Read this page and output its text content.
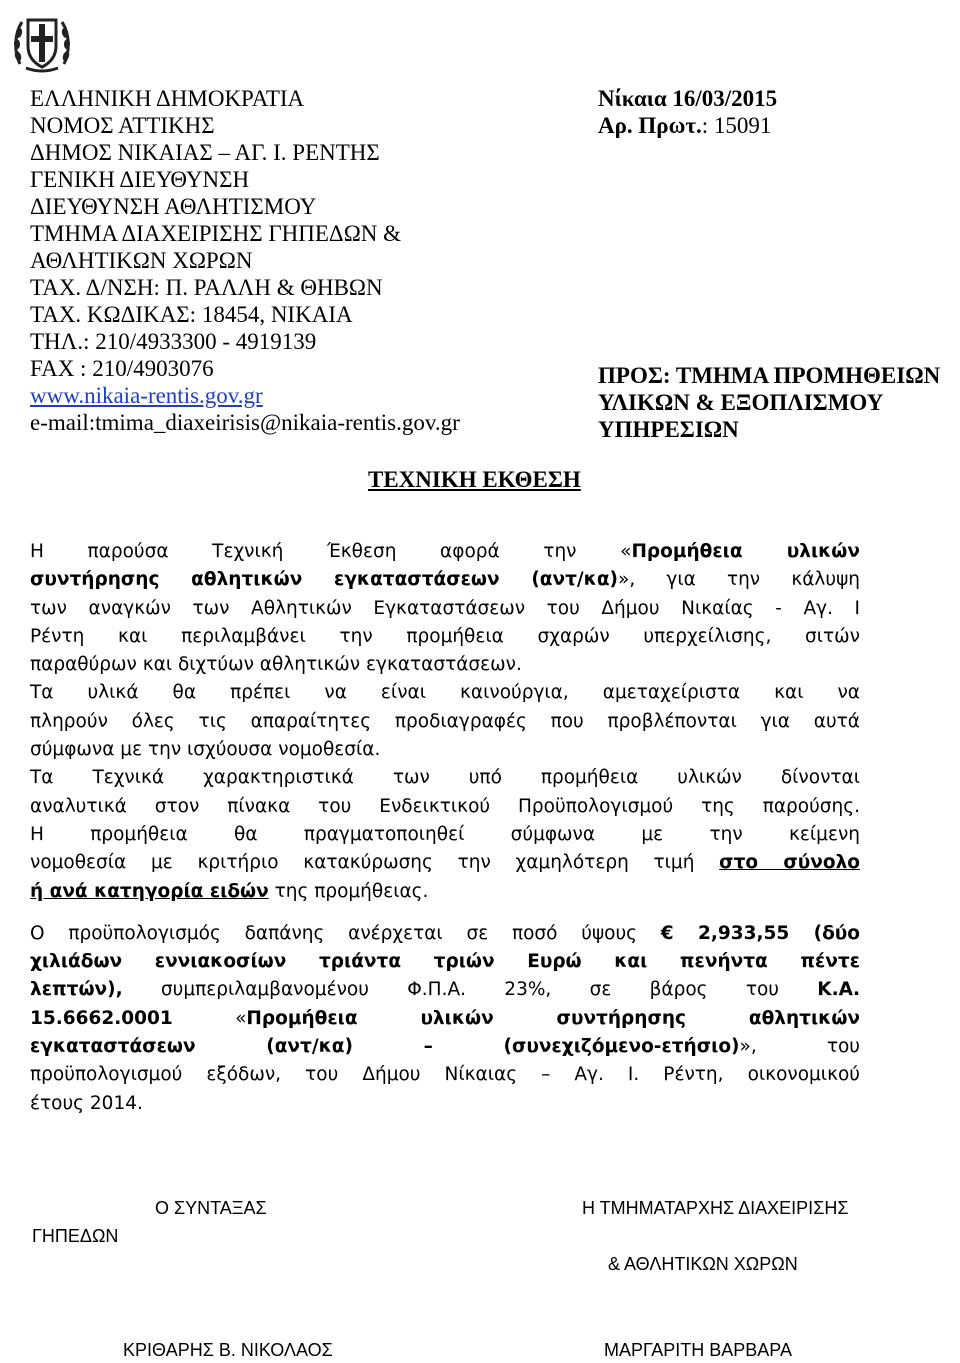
ΕΛΛΗΝΙΚΗ ΔΗΜΟΚΡΑΤΙΑ
ΝΟΜΟΣ ΑΤΤΙΚΗΣ
ΔΗΜΟΣ ΝΙΚΑΙΑΣ – ΑΓ. Ι. ΡΕΝΤΗΣ
ΓΕΝΙΚΗ ΔΙΕΥΘΥΝΣΗ
ΔΙΕΥΘΥΝΣΗ ΑΘΛΗΤΙΣΜΟΥ
ΤΜΗΜΑ ΔΙΑΧΕΙΡΙΣΗΣ ΓΗΠΕΔΩΝ &
ΑΘΛΗΤΙΚΩΝ ΧΩΡΩΝ
ΤΑΧ. Δ/ΝΣΗ: Π. ΡΑΛΛΗ & ΘΗΒΩΝ
ΤΑΧ. ΚΩΔΙΚΑΣ: 18454, ΝΙΚΑΙΑ
ΤΗΛ.: 210/4933300 - 4919139
FAX : 210/4903076
www.nikaia-rentis.gov.gr
e-mail:tmima_diaxeirisis@nikaia-rentis.gov.gr
Νίκαια 16/03/2015
Αρ. Πρωτ.: 15091
ΠΡΟΣ: ΤΜΗΜΑ ΠΡΟΜΗΘΕΙΩΝ
ΥΛΙΚΩΝ & ΕΞΟΠΛΙΣΜΟΥ
ΥΠΗΡΕΣΙΩΝ
ΤΕΧΝΙΚΗ ΕΚΘΕΣΗ
Η παρούσα Τεχνική Έκθεση αφορά την «Προμήθεια υλικών
συντήρησης αθλητικών εγκαταστάσεων (αντ/κα)», για την κάλυψη
των αναγκών των Αθλητικών Εγκαταστάσεων του Δήμου Νικαίας - Αγ. Ι
Ρέντη και περιλαμβάνει την προμήθεια σχαρών υπερχείλισης, σιτών
παραθύρων και διχτύων αθλητικών εγκαταστάσεων.
Τα υλικά θα πρέπει να είναι καινούργια, αμεταχείριστα και να
πληρούν όλες τις απαραίτητες προδιαγραφές που προβλέπονται για αυτά
σύμφωνα με την ισχύουσα νομοθεσία.
Τα Τεχνικά χαρακτηριστικά των υπό προμήθεια υλικών δίνονται
αναλυτικά στον πίνακα του Ενδεικτικού Προϋπολογισμού της παρούσης.
Η προμήθεια θα πραγματοποιηθεί σύμφωνα με την κείμενη
νομοθεσία με κριτήριο κατακύρωσης την χαμηλότερη τιμή στο σύνολο
ή ανά κατηγορία ειδών της προμήθειας.
Ο προϋπολογισμός δαπάνης ανέρχεται σε ποσό ύψους € 2,933,55 (δύο
χιλιάδων εννιακοσίων τριάντα τριών Ευρώ και πενήντα πέντε
λεπτών), συμπεριλαμβανομένου Φ.Π.Α. 23%, σε βάρος του Κ.Α.
15.6662.0001 «Προμήθεια υλικών συντήρησης αθλητικών
εγκαταστάσεων (αντ/κα) – (συνεχιζόμενο-ετήσιο)», του
προϋπολογισμού εξόδων, του Δήμου Νίκαιας – Αγ. Ι. Ρέντη, οικονομικού
έτους 2014.
Ο ΣΥΝΤΑΞΑΣ	Η ΤΜΗΜΑΤΑΡΧΗΣ ΔΙΑΧΕΙΡΙΣΗΣ
ΓΗΠΕΔΩΝ
& ΑΘΛΗΤΙΚΩΝ ΧΩΡΩΝ
ΚΡΙΘΑΡΗΣ Β. ΝΙΚΟΛΑΟΣ	ΜΑΡΓΑΡΙΤΗ ΒΑΡΒΑΡΑ
